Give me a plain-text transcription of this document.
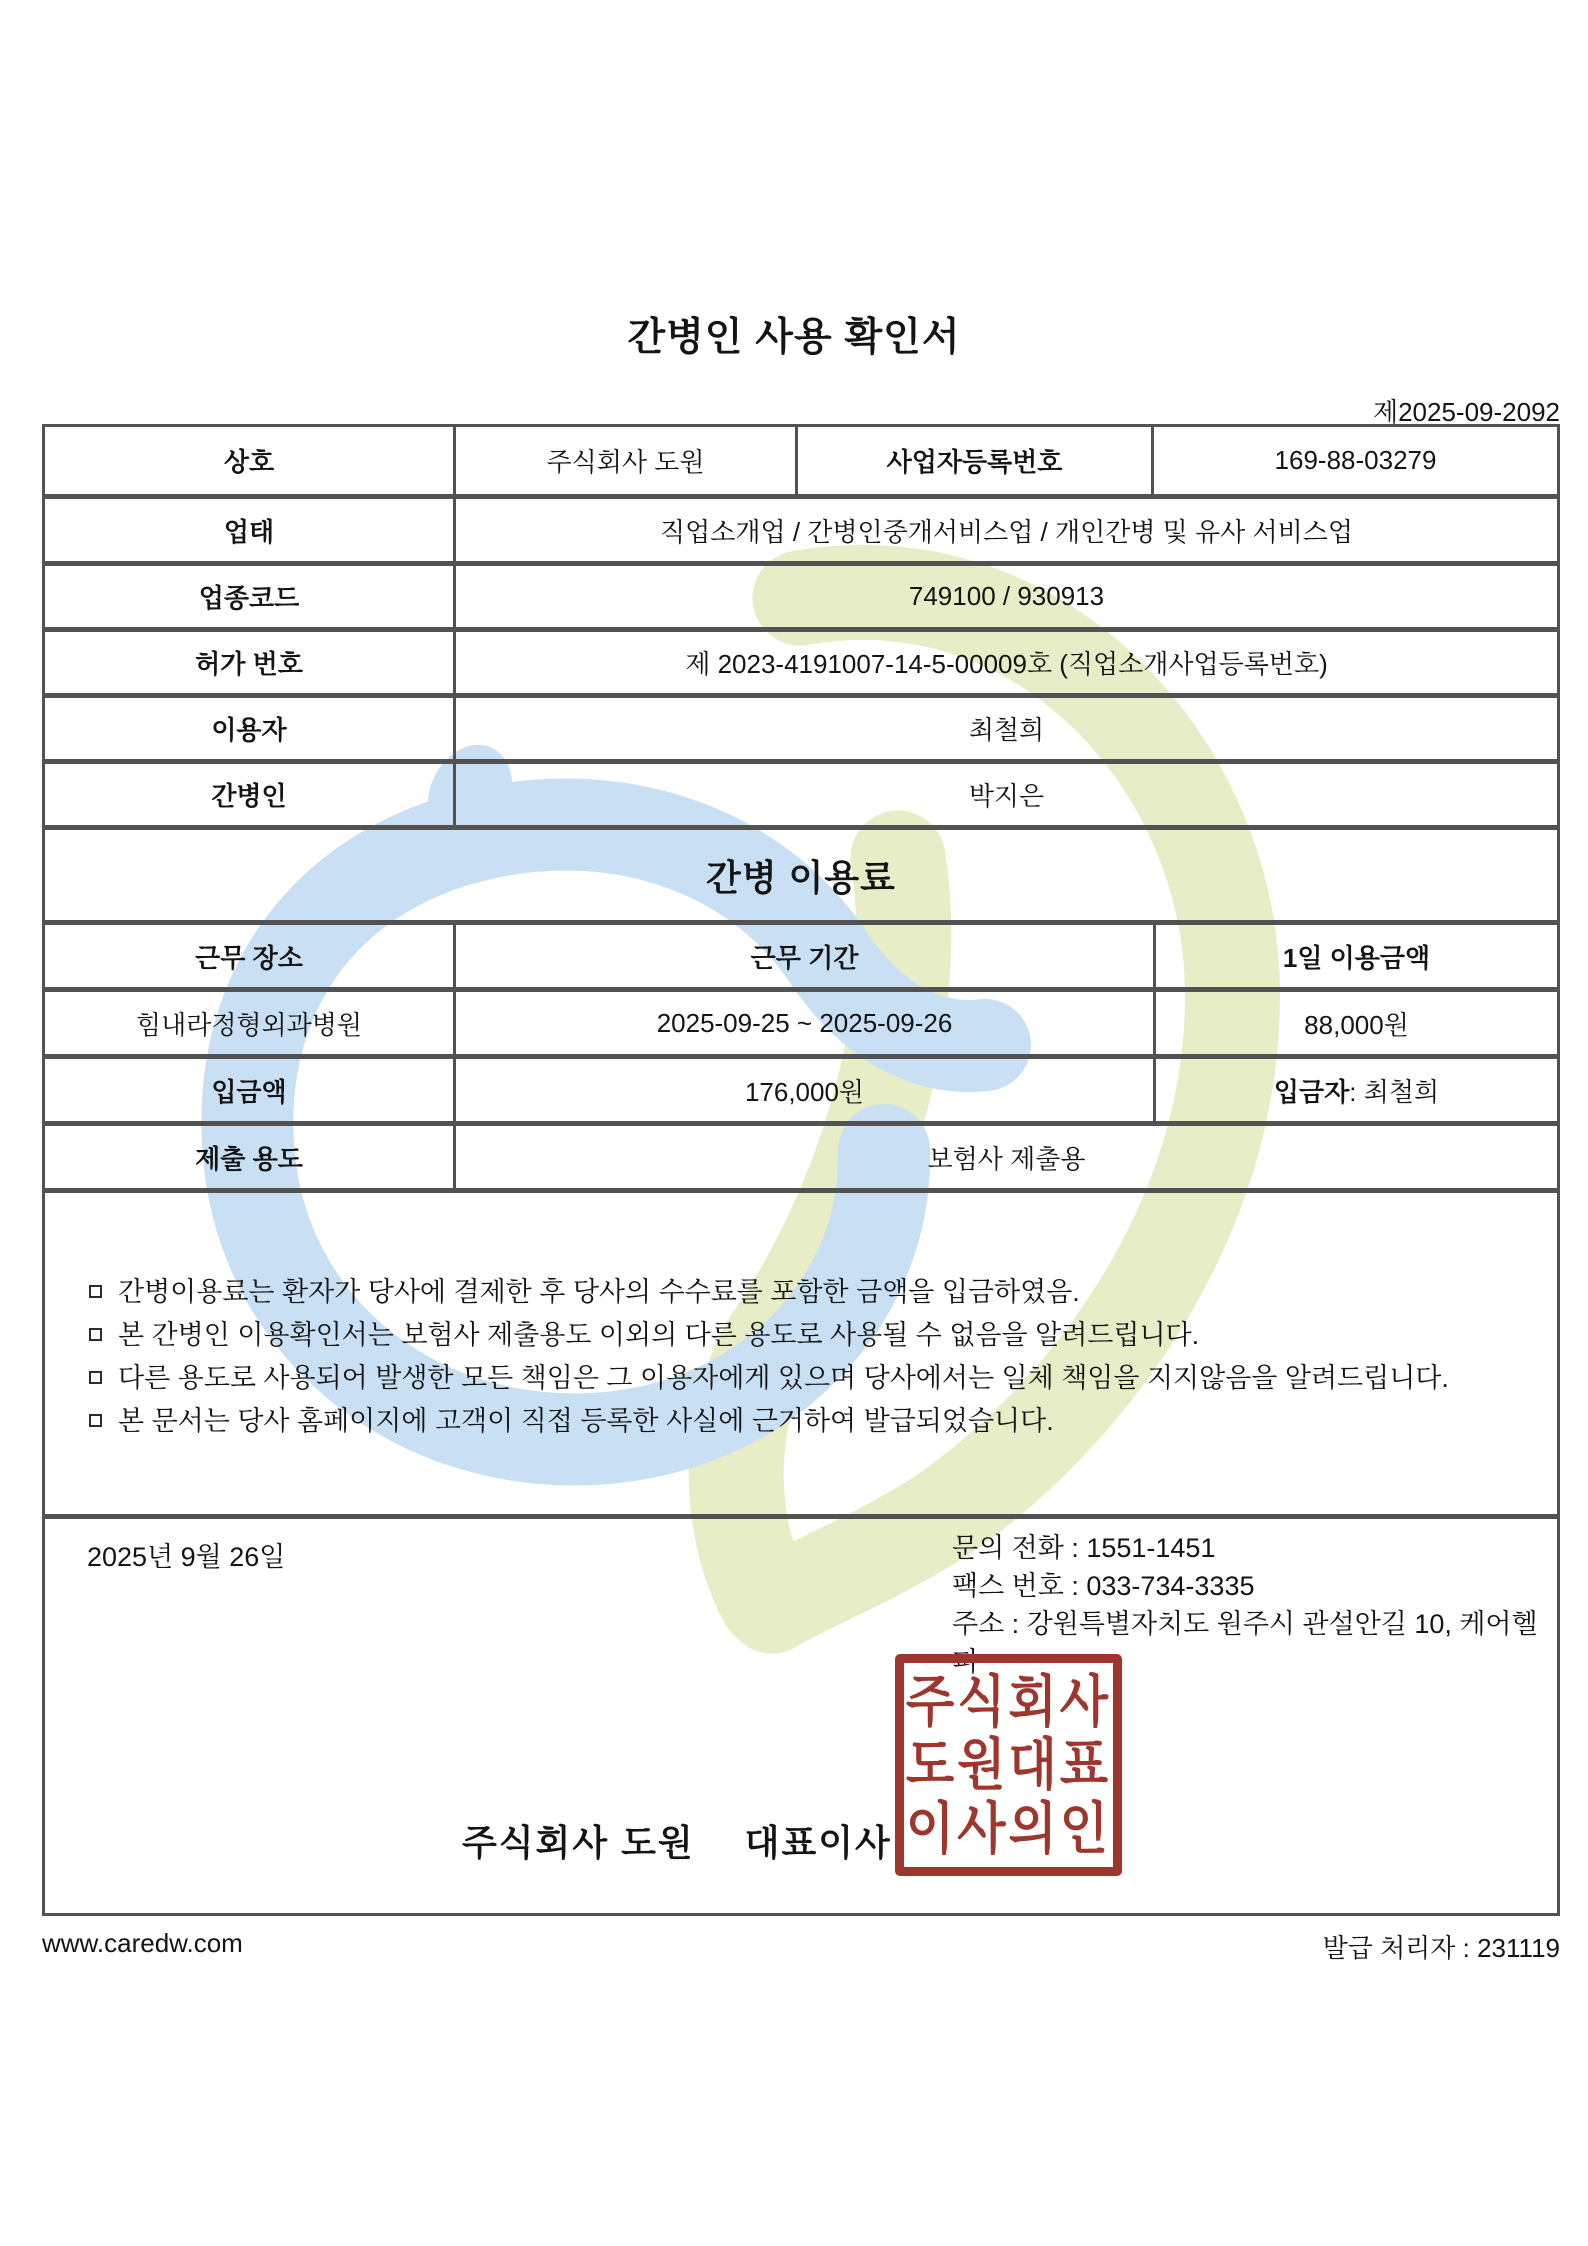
간병인 사용 확인서
제2025-09-2092
상호	주식회사 도원	사업자등록번호	169-88-03279
업태	직업소개업 / 간병인중개서비스업 / 개인간병 및 유사 서비스업
업종코드	749100 / 930913
허가 번호	제 2023-4191007-14-5-00009호 (직업소개사업등록번호)
이용자	최철희
간병인	박지은
간병 이용료
근무 장소	근무 기간	1일 이용금액
힘내라정형외과병원	2025-09-25 ~ 2025-09-26	88,000원
입금액	176,000원	입금자 : 최철희
제출 용도	보험사 제출용
간병이용료는 환자가 당사에 결제한 후 당사의 수수료를 포함한 금액을 입금하였음.
본 간병인 이용확인서는 보험사 제출용도 이외의 다른 용도로 사용될 수 없음을 알려드립니다.
다른 용도로 사용되어 발생한 모든 책임은 그 이용자에게 있으며 당사에서는 일체 책임을 지지않음을 알려드립니다.
본 문서는 당사 홈페이지에 고객이 직접 등록한 사실에 근거하여 발급되었습니다.
2025년 9월 26일	문의 전화 : 1551-1451
팩스 번호 : 033-734-3335
주소 : 강원특별자치도 원주시 관설안길 10, 케어헬퍼
주식회사 도원 대표이사
주식회사
도원대표
이사의인
www.caredw.com	발급 처리자 : 231119
